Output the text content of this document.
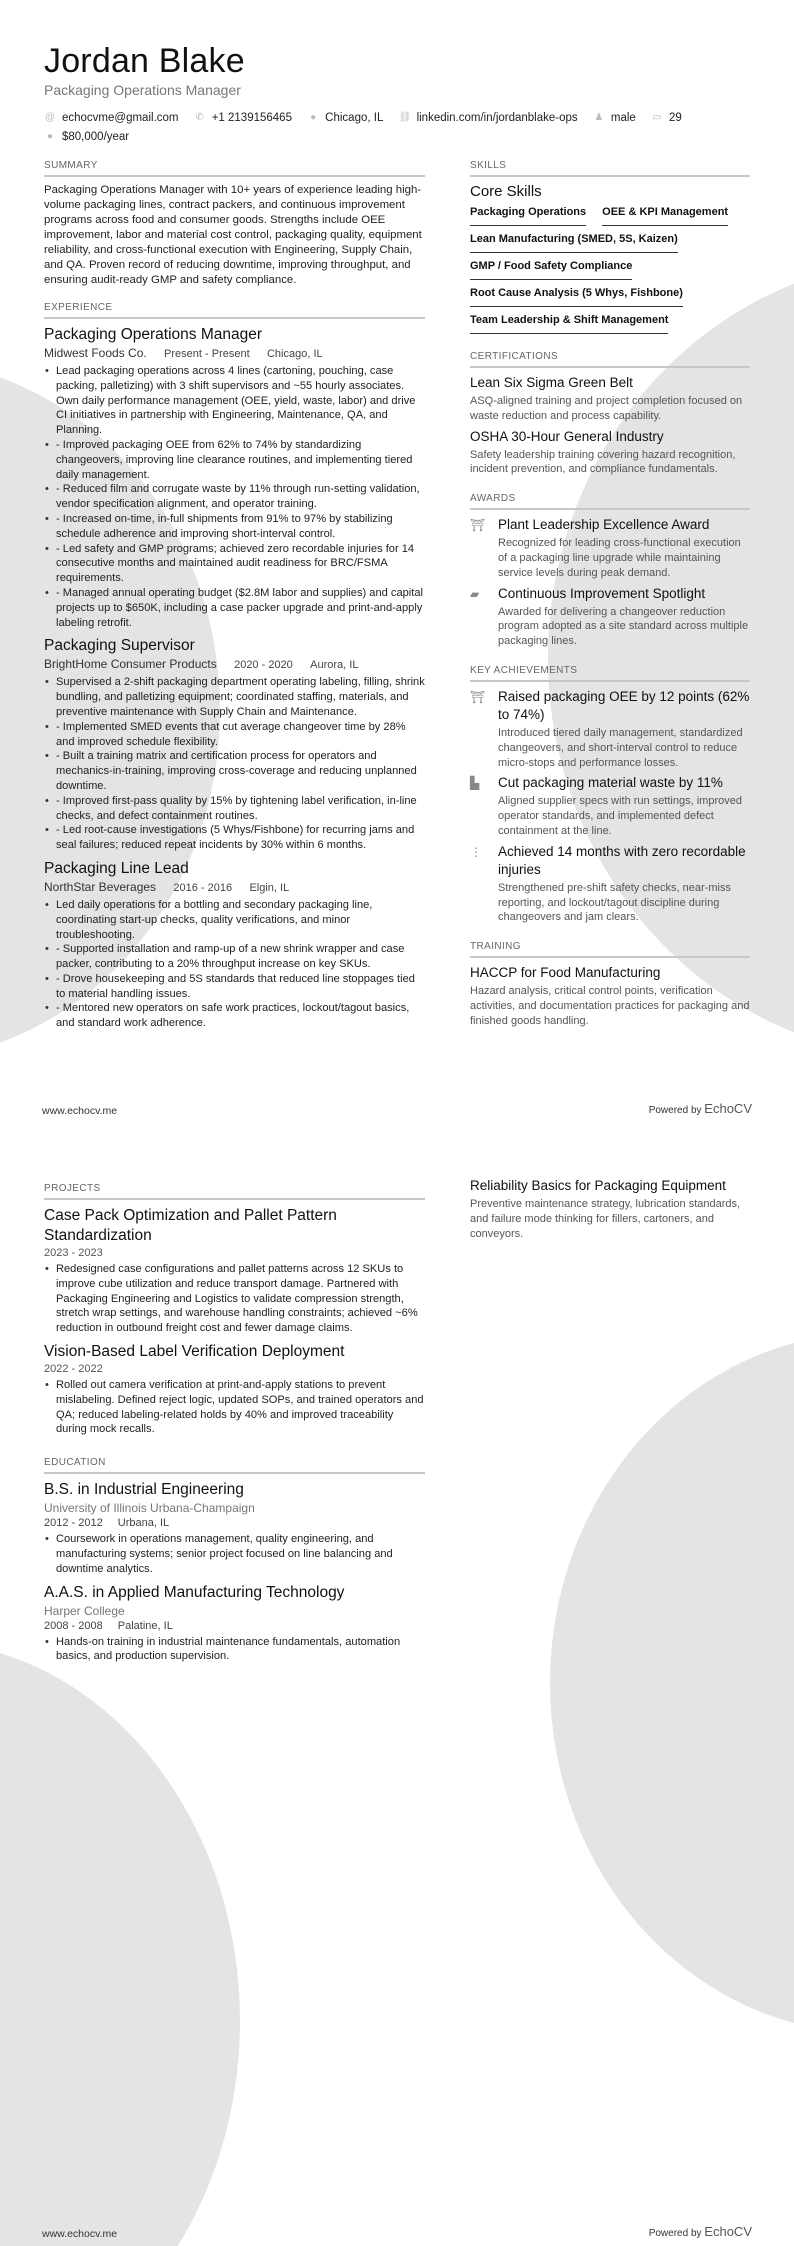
Jordan Blake
Packaging Operations Manager
@ echocvme@gmail.com
✆ +1 2139156465
● Chicago, IL
⛓ linkedin.com/in/jordanblake-ops
♟ male
▭ 29

● $80,000/year
SUMMARY

Packaging Operations Manager with 10+ years of experience leading high-volume packaging lines, contract packers, and continuous improvement programs across food and consumer goods. Strengths include OEE improvement, labor and material cost control, packaging quality, equipment reliability, and cross-functional execution with Engineering, Supply Chain, and QA. Proven record of reducing downtime, improving throughput, and ensuring audit-ready GMP and safety compliance.

EXPERIENCE
Packaging Operations Manager
Midwest Foods Co. Present - Present Chicago, IL
• Lead packaging operations across 4 lines (cartoning, pouching, case packing, palletizing) with 3 shift supervisors and ~55 hourly associates. Own daily performance management (OEE, yield, waste, labor) and drive CI initiatives in partnership with Engineering, Maintenance, QA, and Planning.
• - Improved packaging OEE from 62% to 74% by standardizing changeovers, improving line clearance routines, and implementing tiered daily management.
• - Reduced film and corrugate waste by 11% through run-setting validation, vendor specification alignment, and operator training.
• - Increased on-time, in-full shipments from 91% to 97% by stabilizing schedule adherence and improving short-interval control.
• - Led safety and GMP programs; achieved zero recordable injuries for 14 consecutive months and maintained audit readiness for BRC/FSMA requirements.
• - Managed annual operating budget ($2.8M labor and supplies) and capital projects up to $650K, including a case packer upgrade and print-and-apply labeling retrofit.
Packaging Supervisor
BrightHome Consumer Products 2020 - 2020 Aurora, IL
• Supervised a 2-shift packaging department operating labeling, filling, shrink bundling, and palletizing equipment; coordinated staffing, materials, and preventive maintenance with Supply Chain and Maintenance.
• - Implemented SMED events that cut average changeover time by 28% and improved schedule flexibility.
• - Built a training matrix and certification process for operators and mechanics-in-training, improving cross-coverage and reducing unplanned downtime.
• - Improved first-pass quality by 15% by tightening label verification, in-line checks, and defect containment routines.
• - Led root-cause investigations (5 Whys/Fishbone) for recurring jams and seal failures; reduced repeat incidents by 30% within 6 months.
Packaging Line Lead
NorthStar Beverages 2016 - 2016 Elgin, IL
• Led daily operations for a bottling and secondary packaging line, coordinating start-up checks, quality verifications, and minor troubleshooting.
• - Supported installation and ramp-up of a new shrink wrapper and case packer, contributing to a 20% throughput increase on key SKUs.
• - Drove housekeeping and 5S standards that reduced line stoppages tied to material handling issues.
• - Mentored new operators on safe work practices, lockout/tagout basics, and standard work adherence.
SKILLS
Core Skills
Packaging Operations OEE & KPI Management
Lean Manufacturing (SMED, 5S, Kaizen)
GMP / Food Safety Compliance
Root Cause Analysis (5 Whys, Fishbone)
Team Leadership & Shift Management
CERTIFICATIONS
Lean Six Sigma Green Belt
ASQ-aligned training and project completion focused on waste reduction and process capability.
OSHA 30-Hour General Industry
Safety leadership training covering hazard recognition, incident prevention, and compliance fundamentals.
AWARDS
⛩ Plant Leadership Excellence Award
Recognized for leading cross-functional execution of a packaging line upgrade while maintaining service levels during peak demand.
▰	Continuous Improvement Spotlight
Awarded for delivering a changeover reduction program adopted as a site standard across multiple packaging lines.
KEY ACHIEVEMENTS
⛩ Raised packaging OEE by 12 points (62% to 74%)
Introduced tiered daily management, standardized changeovers, and short-interval control to reduce micro-stops and performance losses.
▙	Cut packaging material waste by 11%
Aligned supplier specs with run settings, improved operator standards, and implemented defect containment at the line.
⋮	Achieved 14 months with zero recordable injuries
Strengthened pre-shift safety checks, near-miss reporting, and lockout/tagout discipline during changeovers and jam clears.
TRAINING
HACCP for Food Manufacturing
Hazard analysis, critical control points, verification activities, and documentation practices for packaging and finished goods handling.
www.echocv.me	Powered by EchoCV
PROJECTS
Case Pack Optimization and Pallet Pattern Standardization
2023 - 2023
• Redesigned case configurations and pallet patterns across 12 SKUs to improve cube utilization and reduce transport damage. Partnered with Packaging Engineering and Logistics to validate compression strength, stretch wrap settings, and warehouse handling constraints; achieved ~6% reduction in outbound freight cost and fewer damage claims.
Vision-Based Label Verification Deployment
2022 - 2022
• Rolled out camera verification at print-and-apply stations to prevent mislabeling. Defined reject logic, updated SOPs, and trained operators and QA; reduced labeling-related holds by 40% and improved traceability during mock recalls.
EDUCATION
B.S. in Industrial Engineering
University of Illinois Urbana-Champaign
2012 - 2012 Urbana, IL
• Coursework in operations management, quality engineering, and manufacturing systems; senior project focused on line balancing and downtime analytics.
A.A.S. in Applied Manufacturing Technology
Harper College
2008 - 2008 Palatine, IL
• Hands-on training in industrial maintenance fundamentals, automation basics, and production supervision.
Reliability Basics for Packaging Equipment
Preventive maintenance strategy, lubrication standards, and failure mode thinking for fillers, cartoners, and conveyors.
www.echocv.me	Powered by EchoCV
